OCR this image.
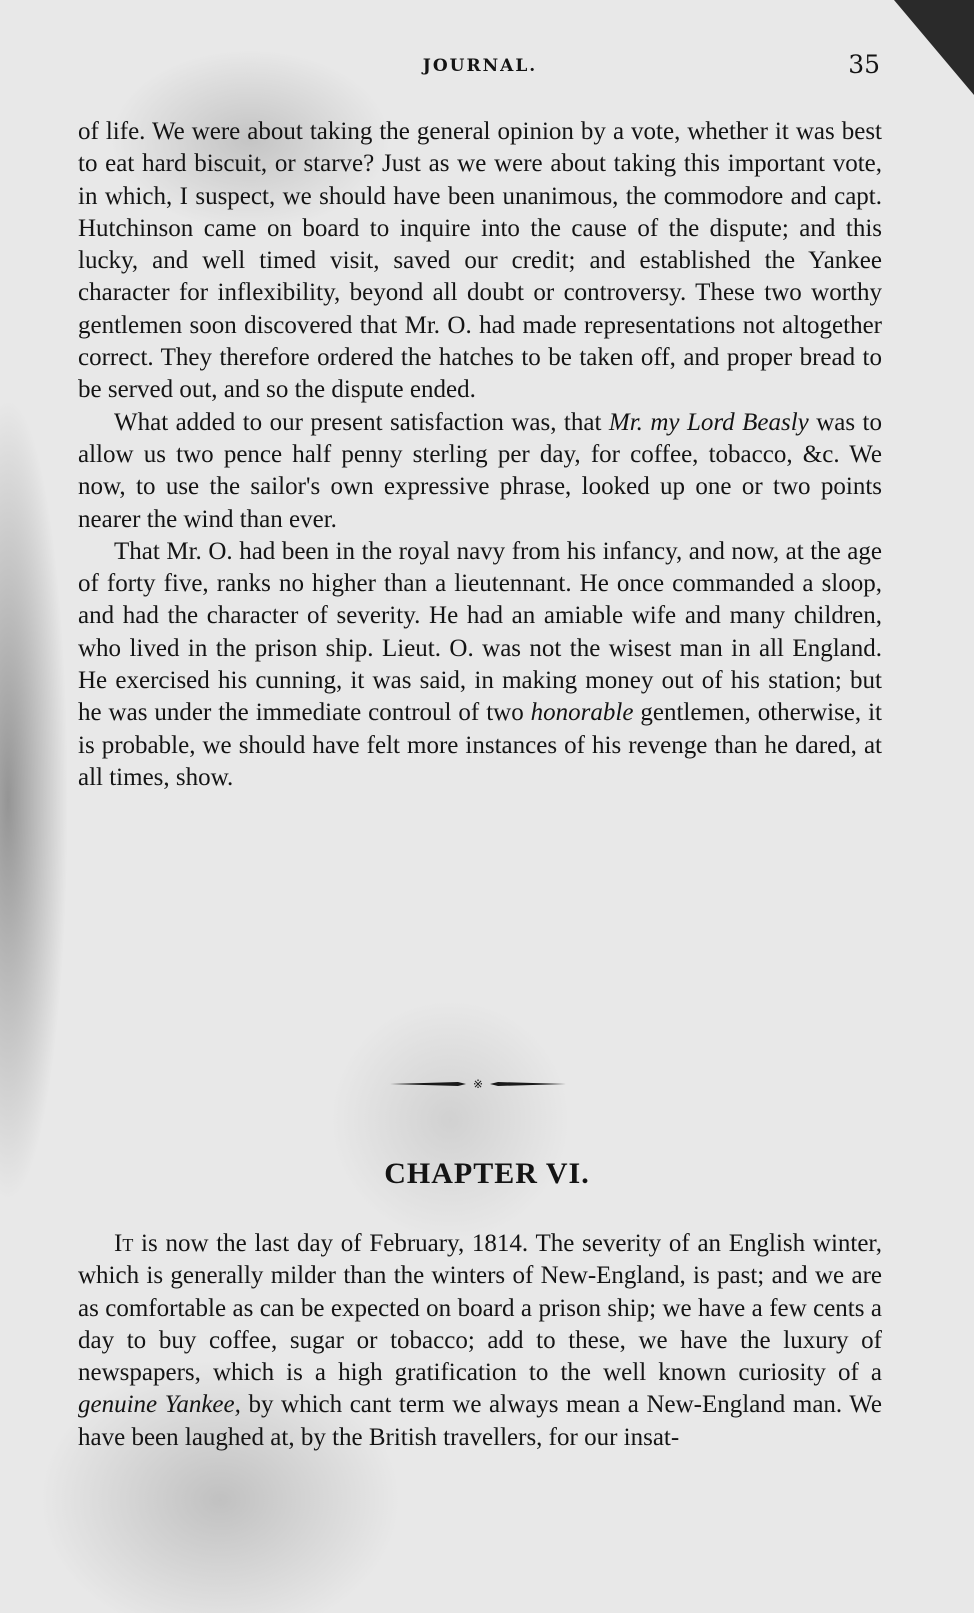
JOURNAL.	35

of life. We were about taking the general opinion by a vote, whether it was best to eat hard biscuit, or starve? Just as we were about taking this important vote, in which, I suspect, we should have been unanimous, the commodore and capt. Hutchinson came on board to inquire into the cause of the dispute; and this lucky, and well timed visit, saved our credit; and established the Yankee character for inflexibility, beyond all doubt or controversy. These two worthy gentlemen soon discovered that Mr. O. had made representations not altogether correct. They therefore ordered the hatches to be taken off, and proper bread to be served out, and so the dispute ended.

What added to our present satisfaction was, that Mr. my Lord Beasly was to allow us two pence half penny sterling per day, for coffee, tobacco, &c. We now, to use the sailor's own expressive phrase, looked up one or two points nearer the wind than ever.

That Mr. O. had been in the royal navy from his infancy, and now, at the age of forty five, ranks no higher than a lieutennant. He once commanded a sloop, and had the character of severity. He had an amiable wife and many children, who lived in the prison ship. Lieut. O. was not the wisest man in all England. He exercised his cunning, it was said, in making money out of his station; but he was under the immediate controul of two honorable gentlemen, otherwise, it is probable, we should have felt more instances of his revenge than he dared, at all times, show.

※
CHAPTER VI.

It is now the last day of February, 1814. The severity of an English winter, which is generally milder than the winters of New-England, is past; and we are as comfortable as can be expected on board a prison ship; we have a few cents a day to buy coffee, sugar or tobacco; add to these, we have the luxury of newspapers, which is a high gratification to the well known curiosity of a genuine Yankee, by which cant term we always mean a New-England man. We have been laughed at, by the British travellers, for our insat-
